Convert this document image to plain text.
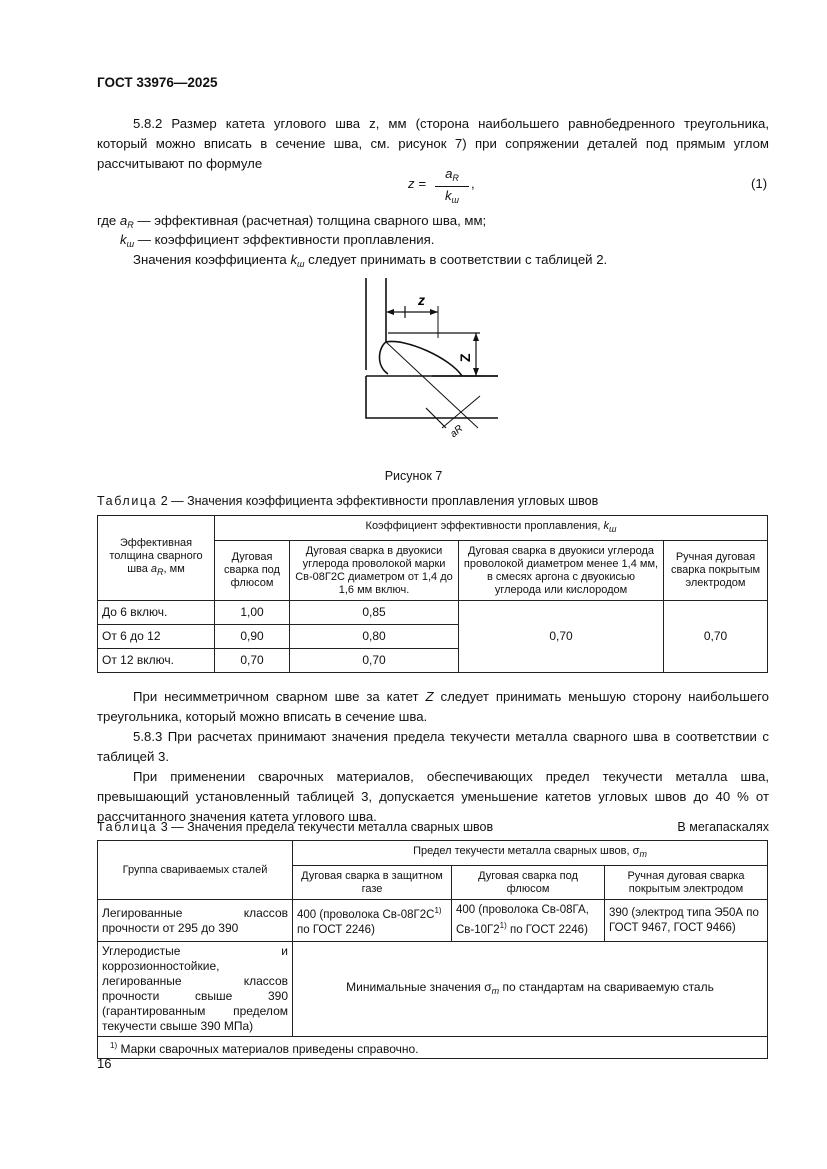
ГОСТ 33976—2025
5.8.2 Размер катета углового шва z, мм (сторона наибольшего равнобедренного треугольника, который можно вписать в сечение шва, см. рисунок 7) при сопряжении деталей под прямым углом рассчитывают по формуле
z =
$a_R$
$k_ш$
,	(1)
где $a_R$ — эффективная (расчетная) толщина сварного шва, мм;
$k_ш$ — коэффициент эффективности проплавления.
Значения коэффициента $k_ш$ следует принимать в соответствии с таблицей 2.
z
Z
aR
Рисунок 7
Таблица 2 — Значения коэффициента эффективности проплавления угловых швов
Эффективная толщина сварного шва $a_R$, мм	Коэффициент эффективности проплавления, $k_ш$
	Дуговая сварка под флюсом	Дуговая сварка в двуокиси углерода проволокой марки Св-08Г2С диаметром от 1,4 до 1,6 мм включ.	Дуговая сварка в двуокиси углерода проволокой диаметром менее 1,4 мм, в смесях аргона с двуокисью углерода или кислородом	Ручная дуговая сварка покрытым электродом
До 6 включ.	1,00	0,85	0,70	0,70
От 6 до 12	0,90	0,80		
От 12 включ.	0,70	0,70		
При несимметричном сварном шве за катет Z следует принимать меньшую сторону наибольшего треугольника, который можно вписать в сечение шва.
5.8.3 При расчетах принимают значения предела текучести металла сварного шва в соответствии с таблицей 3.
При применении сварочных материалов, обеспечивающих предел текучести металла шва, превышающий установленный таблицей 3, допускается уменьшение катетов угловых швов до 40 % от рассчитанного значения катета углового шва.
Таблица 3 — Значения предела текучести металла сварных швов	В мегапаскалях
Группа свариваемых сталей	Предел текучести металла сварных швов, $\sigma_т$
	Дуговая сварка в защитном газе	Дуговая сварка под флюсом	Ручная дуговая сварка покрытым электродом
Легированные классов прочности от 295 до 390	400 (проволока $Св-08Г2С^{1)}$ по ГОСТ 2246)	400 (проволока Св-08ГА, Св-10Г2$^{1)}$ по ГОСТ 2246)	390 (электрод типа Э50А по ГОСТ 9467, ГОСТ 9466)
Углеродистые и коррозионностойкие, легированные классов прочности свыше 390 (гарантированным пределом текучести свыше 390 МПа)	Минимальные значения $\sigma_т$ по стандартам на свариваемую сталь		
$^{1)}$ Марки сварочных материалов приведены справочно.			
16
